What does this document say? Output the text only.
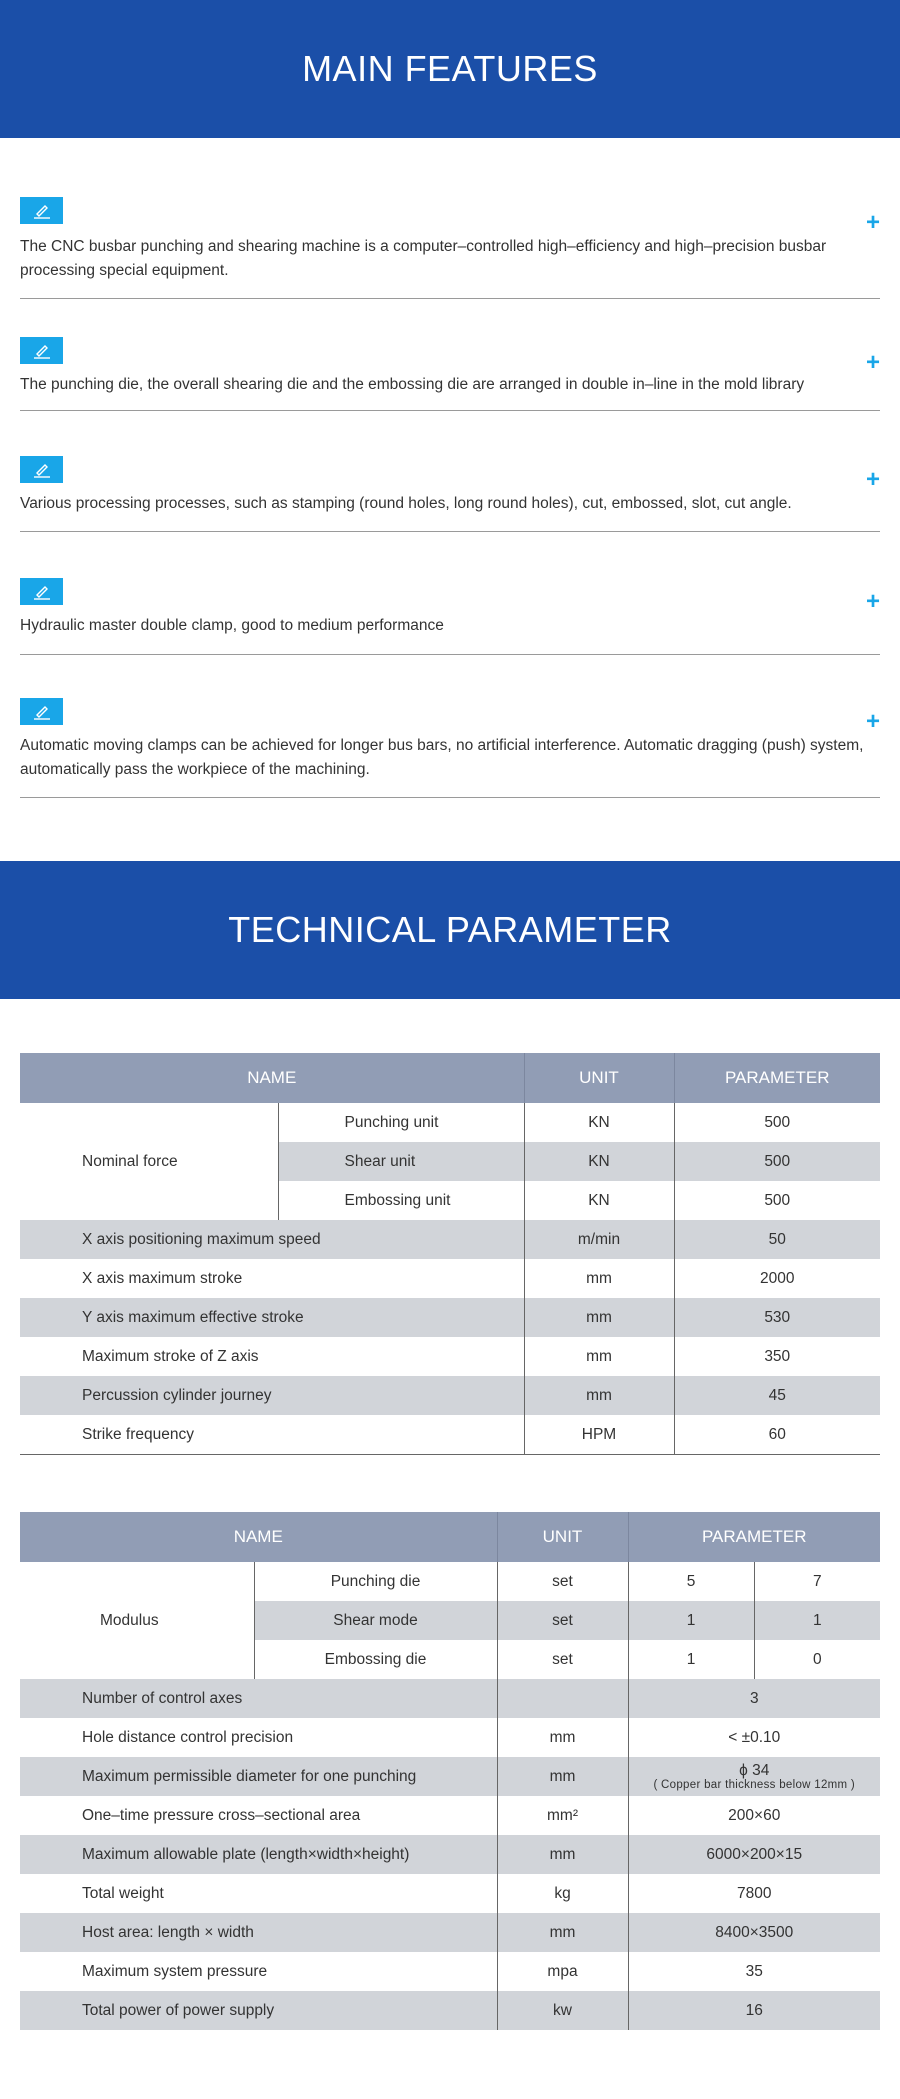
MAIN FEATURES
+
The CNC busbar punching and shearing machine is a computer–controlled high–efficiency and high–precision busbar processing special equipment.
+
The punching die, the overall shearing die and the embossing die are arranged in double in–line in the mold library
+
Various processing processes, such as stamping (round holes, long round holes), cut, embossed, slot, cut angle.
+
Hydraulic master double clamp, good to medium performance
+
Automatic moving clamps can be achieved for longer bus bars, no artificial interference. Automatic dragging (push) system, automatically pass the workpiece of the machining.
TECHNICAL PARAMETER
NAME		UNIT	PARAMETER
Nominal force	Punching unit	KN	500
	Shear unit	KN	500
	Embossing unit	KN	500
X axis positioning maximum speed		m/min	50
X axis maximum stroke		mm	2000
Y axis maximum effective stroke		mm	530
Maximum stroke of Z axis		mm	350
Percussion cylinder journey		mm	45
Strike frequency		HPM	60
NAME		UNIT	PARAMETER	
Modulus	Punching die	set	5	7
	Shear mode	set	1	1
	Embossing die	set	1	0
Number of control axes			3	
Hole distance control precision		mm	< ±0.10	
Maximum permissible diameter for one punching		mm	ϕ 34
( Copper bar thickness below 12mm )	

One–time pressure cross–sectional area		mm²	200×60	
Maximum allowable plate (length×width×height)		mm	6000×200×15	
Total weight		kg	7800	
Host area: length × width		mm	8400×3500	
Maximum system pressure		mpa	35	
Total power of power supply		kw	16	
